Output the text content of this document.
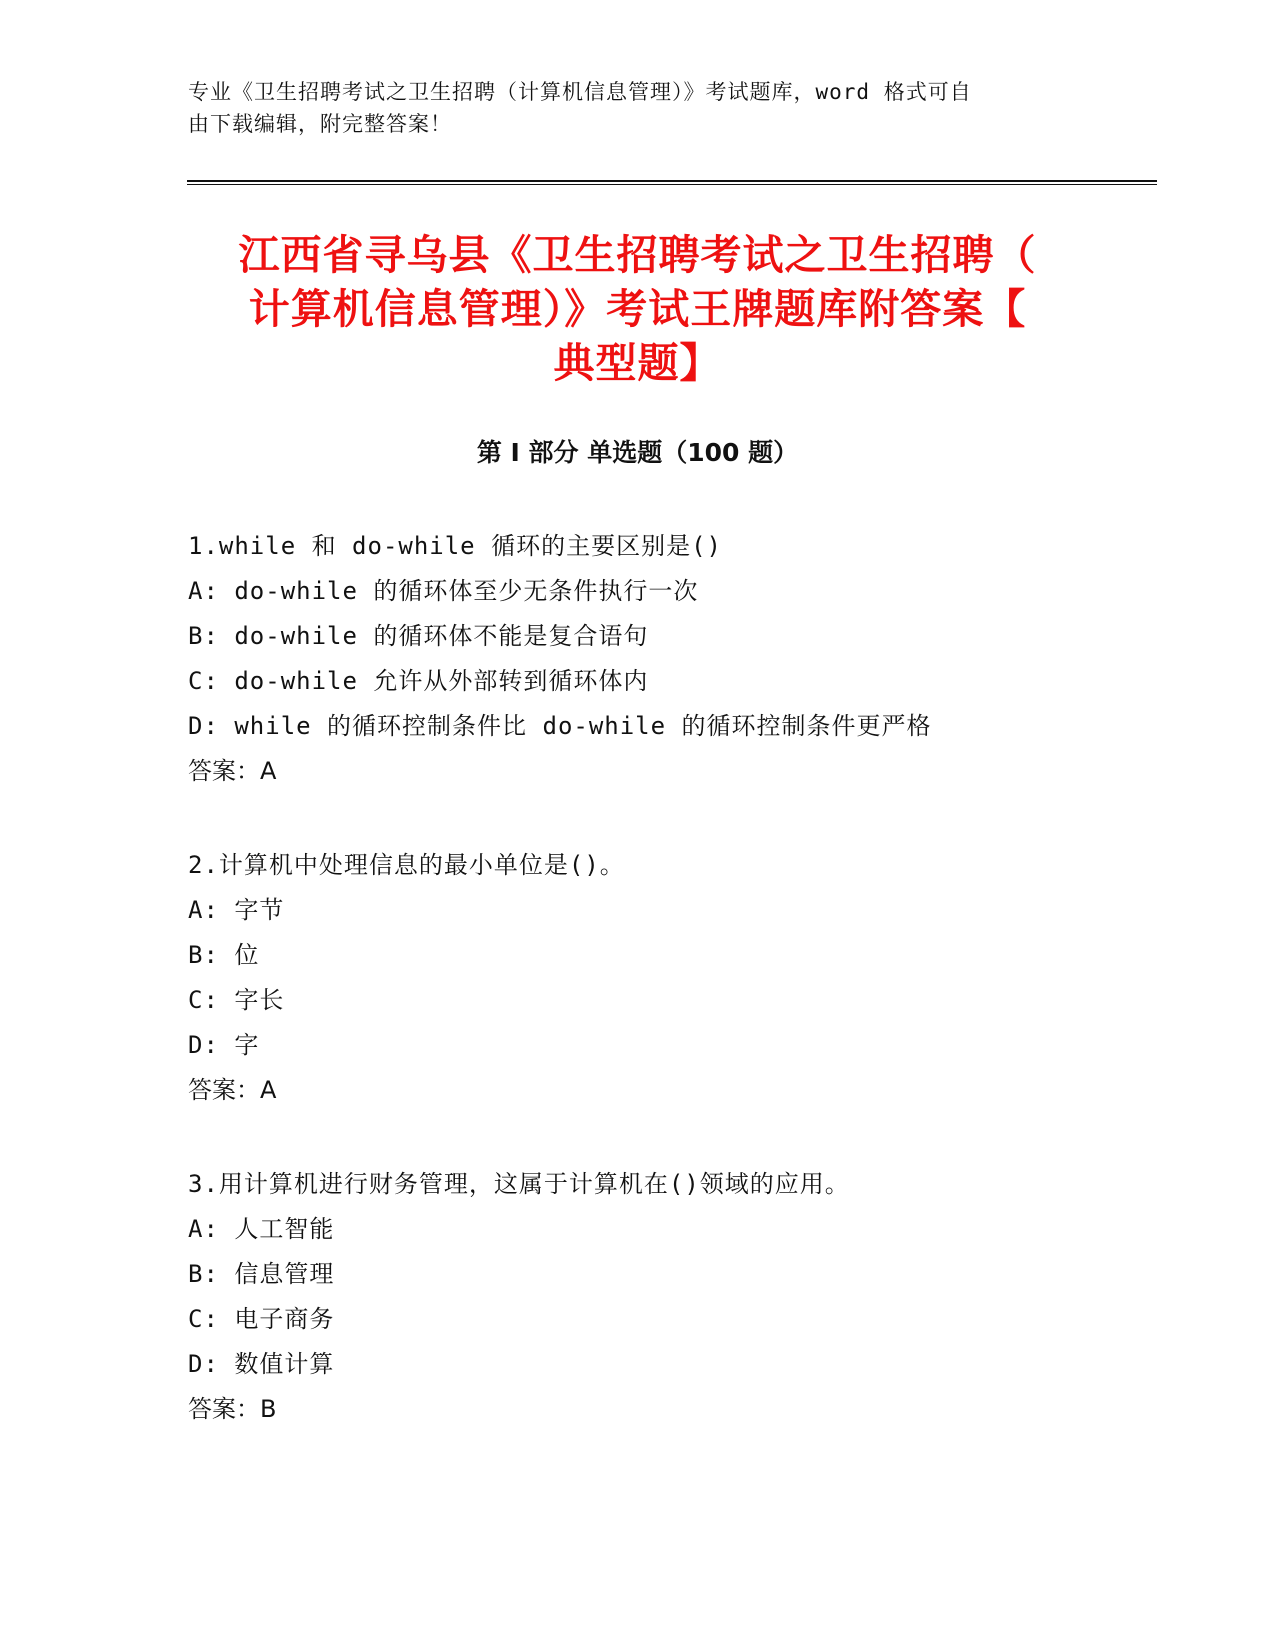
专业《卫生招聘考试之卫生招聘（计算机信息管理）》考试题库，word 格式可自
由下载编辑，附完整答案！
江西省寻乌县《卫生招聘考试之卫生招聘（
计算机信息管理）》考试王牌题库附答案【
典型题】
第 I 部分 单选题（100 题）
1.while 和 do-while 循环的主要区别是()
A: do-while 的循环体至少无条件执行一次
B: do-while 的循环体不能是复合语句
C: do-while 允许从外部转到循环体内
D: while 的循环控制条件比 do-while 的循环控制条件更严格
答案：A
2.计算机中处理信息的最小单位是()。
A: 字节
B: 位
C: 字长
D: 字
答案：A
3.用计算机进行财务管理，这属于计算机在()领域的应用。
A: 人工智能
B: 信息管理
C: 电子商务
D: 数值计算
答案：B
